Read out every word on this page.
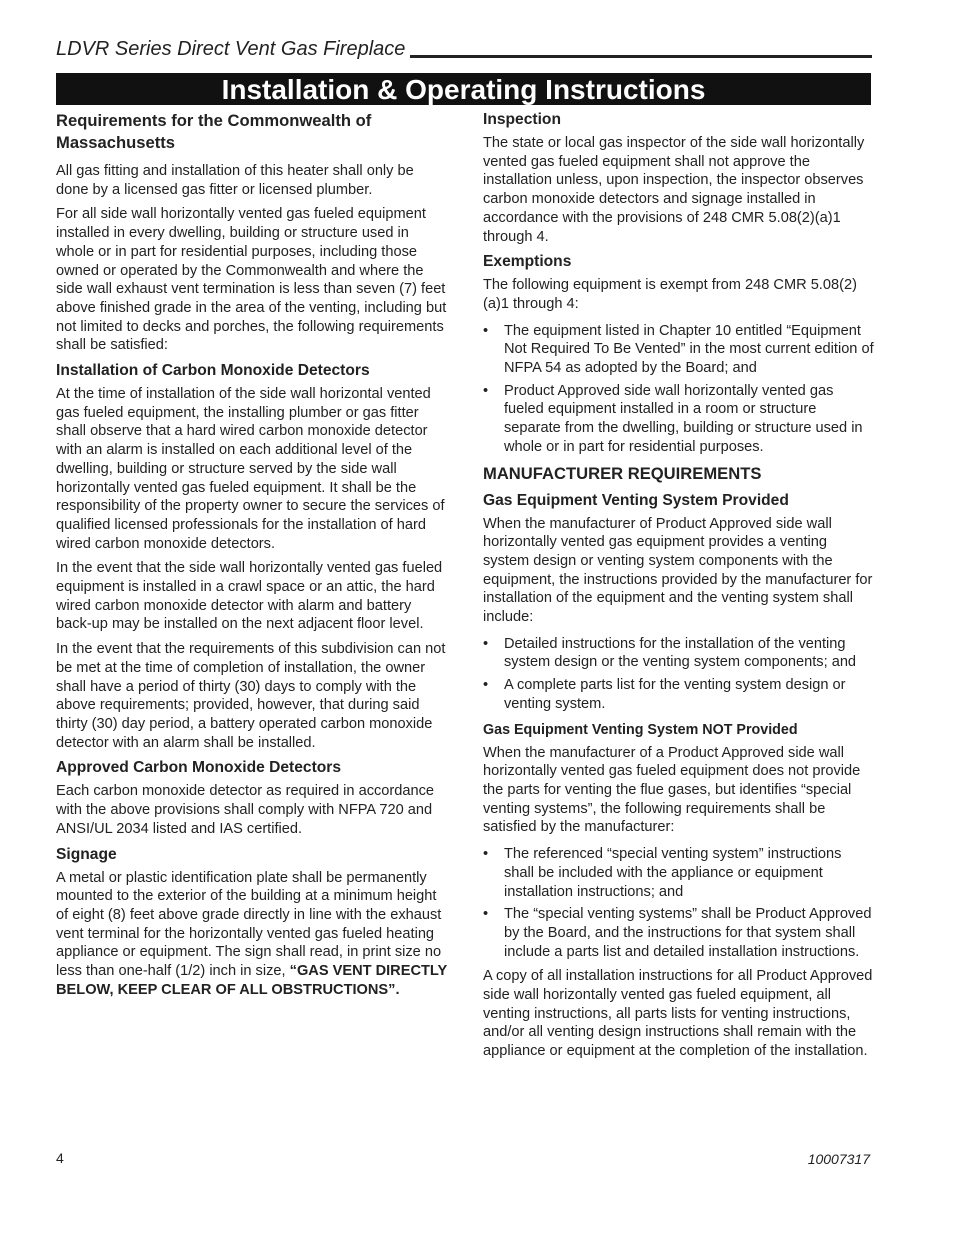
LDVR Series Direct Vent Gas Fireplace
Installation & Operating Instructions
Requirements for the Commonwealth of Massachusetts

All gas fitting and installation of this heater shall only be done by a licensed gas fitter or licensed plumber.

For all side wall horizontally vented gas fueled equipment installed in every dwelling, building or structure used in whole or in part for residential purposes, including those owned or operated by the Commonwealth and where the side wall exhaust vent termination is less than seven (7) feet above finished grade in the area of the venting, including but not limited to decks and porches, the following requirements shall be satisfied:

Installation of Carbon Monoxide Detectors

At the time of installation of the side wall horizontal vented gas fueled equipment, the installing plumber or gas fitter shall observe that a hard wired carbon monoxide detector with an alarm is installed on each additional level of the dwelling, building or structure served by the side wall horizontally vented gas fueled equipment. It shall be the responsibility of the property owner to secure the services of qualified licensed professionals for the installation of hard wired carbon monoxide detectors.

In the event that the side wall horizontally vented gas fueled equipment is installed in a crawl space or an attic, the hard wired carbon monoxide detector with alarm and battery back-up may be installed on the next adjacent floor level.

In the event that the requirements of this subdivision can not be met at the time of completion of installation, the owner shall have a period of thirty (30) days to comply with the above requirements; provided, however, that during said thirty (30) day period, a battery operated carbon monoxide detector with an alarm shall be installed.

Approved Carbon Monoxide Detectors

Each carbon monoxide detector as required in accordance with the above provisions shall comply with NFPA 720 and ANSI/UL 2034 listed and IAS certified.

Signage

A metal or plastic identification plate shall be permanently mounted to the exterior of the building at a minimum height of eight (8) feet above grade directly in line with the exhaust vent terminal for the horizontally vented gas fueled heating appliance or equipment. The sign shall read, in print size no less than one-half (1/2) inch in size, “GAS VENT DIRECTLY BELOW, KEEP CLEAR OF ALL OBSTRUCTIONS”.

Inspection

The state or local gas inspector of the side wall horizontally vented gas fueled equipment shall not approve the installation unless, upon inspection, the inspector observes carbon monoxide detectors and signage installed in accordance with the provisions of 248 CMR 5.08(2)(a)1 through 4.

Exemptions

The following equipment is exempt from 248 CMR 5.08(2)(a)1 through 4:

• The equipment listed in Chapter 10 entitled “Equipment Not Required To Be Vented” in the most current edition of NFPA 54 as adopted by the Board; and
• Product Approved side wall horizontally vented gas fueled equipment installed in a room or structure separate from the dwelling, building or structure used in whole or in part for residential purposes.
MANUFACTURER REQUIREMENTS
Gas Equipment Venting System Provided

When the manufacturer of Product Approved side wall horizontally vented gas equipment provides a venting system design or venting system components with the equipment, the instructions provided by the manufacturer for installation of the equipment and the venting system shall include:

• Detailed instructions for the installation of the venting system design or the venting system components; and
• A complete parts list for the venting system design or venting system.
Gas Equipment Venting System NOT Provided

When the manufacturer of a Product Approved side wall horizontally vented gas fueled equipment does not provide the parts for venting the flue gases, but identifies “special venting systems”, the following requirements shall be satisfied by the manufacturer:

• The referenced “special venting system” instructions shall be included with the appliance or equipment installation instructions; and
• The “special venting systems” shall be Product Approved by the Board, and the instructions for that system shall include a parts list and detailed installation instructions.

A copy of all installation instructions for all Product Approved side wall horizontally vented gas fueled equipment, all venting instructions, all parts lists for venting instructions, and/or all venting design instructions shall remain with the appliance or equipment at the completion of the installation.

4	10007317
